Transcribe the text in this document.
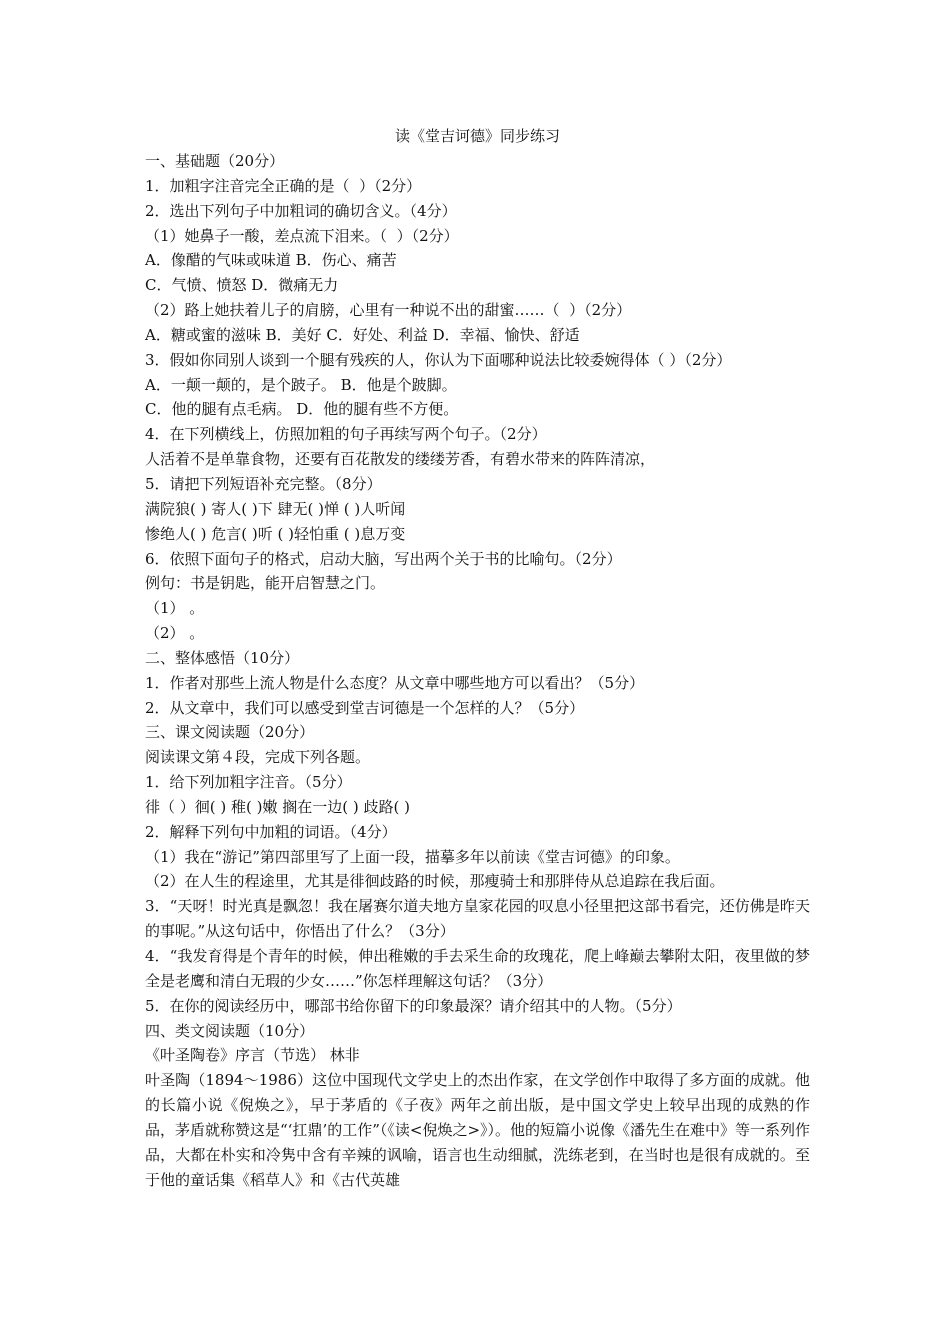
读《堂吉诃德》同步练习
一、基础题（20分）
1．加粗字注音完全正确的是（  ）（2分）
2．选出下列句子中加粗词的确切含义。（4分）
（1）她鼻子一酸，差点流下泪来。（  ）（2分）
A．像醋的气味或味道 B．伤心、痛苦
C．气愤、愤怒 D．微痛无力
（2）路上她扶着儿子的肩膀，心里有一种说不出的甜蜜……（  ）（2分）
A．糖或蜜的滋味 B．美好 C．好处、利益 D．幸福、愉快、舒适
3．假如你同别人谈到一个腿有残疾的人，你认为下面哪种说法比较委婉得体（ ）（2分）
A．一颠一颠的，是个跛子。 B．他是个跛脚。
C．他的腿有点毛病。 D．他的腿有些不方便。
4．在下列横线上，仿照加粗的句子再续写两个句子。（2分）
人活着不是单靠食物，还要有百花散发的缕缕芳香，有碧水带来的阵阵清凉，
5．请把下列短语补充完整。（8分）
满院狼( ) 寄人( )下 肆无( )惮 ( )人听闻
惨绝人( ) 危言( )听 ( )轻怕重 ( )息万变
6．依照下面句子的格式，启动大脑，写出两个关于书的比喻句。（2分）
例句：书是钥匙，能开启智慧之门。
（1） 。
（2） 。
二、整体感悟（10分）
1．作者对那些上流人物是什么态度？从文章中哪些地方可以看出？（5分）
2．从文章中，我们可以感受到堂吉诃德是一个怎样的人？（5分）
三、课文阅读题（20分）
阅读课文第４段，完成下列各题。
1．给下列加粗字注音。（5分）
徘（ ）徊( ) 稚( )嫩 搁在一边( ) 歧路( )
2．解释下列句中加粗的词语。（4分）
（1）我在“游记”第四部里写了上面一段，描摹多年以前读《堂吉诃德》的印象。
（2）在人生的程途里，尤其是徘徊歧路的时候，那瘦骑士和那胖侍从总追踪在我后面。
3．“天呀！时光真是飘忽！我在屠赛尔道夫地方皇家花园的叹息小径里把这部书看完，还仿佛是昨天的事呢。”从这句话中，你悟出了什么？（3分）
4．“我发育得是个青年的时候，伸出稚嫩的手去采生命的玫瑰花，爬上峰巅去攀附太阳，夜里做的梦全是老鹰和清白无瑕的少女……”你怎样理解这句话？（3分）
5．在你的阅读经历中，哪部书给你留下的印象最深？请介绍其中的人物。（5分）
四、类文阅读题（10分）
《叶圣陶卷》序言（节选） 林非
叶圣陶（1894～1986）这位中国现代文学史上的杰出作家，在文学创作中取得了多方面的成就。他的长篇小说《倪焕之》，早于茅盾的《子夜》两年之前出版，是中国文学史上较早出现的成熟的作品，茅盾就称赞这是“‘扛鼎’的工作”（《读<倪焕之>》）。他的短篇小说像《潘先生在难中》等一系列作品，大都在朴实和冷隽中含有辛辣的讽喻，语言也生动细腻，洗练老到，在当时也是很有成就的。至于他的童话集《稻草人》和《古代英雄
